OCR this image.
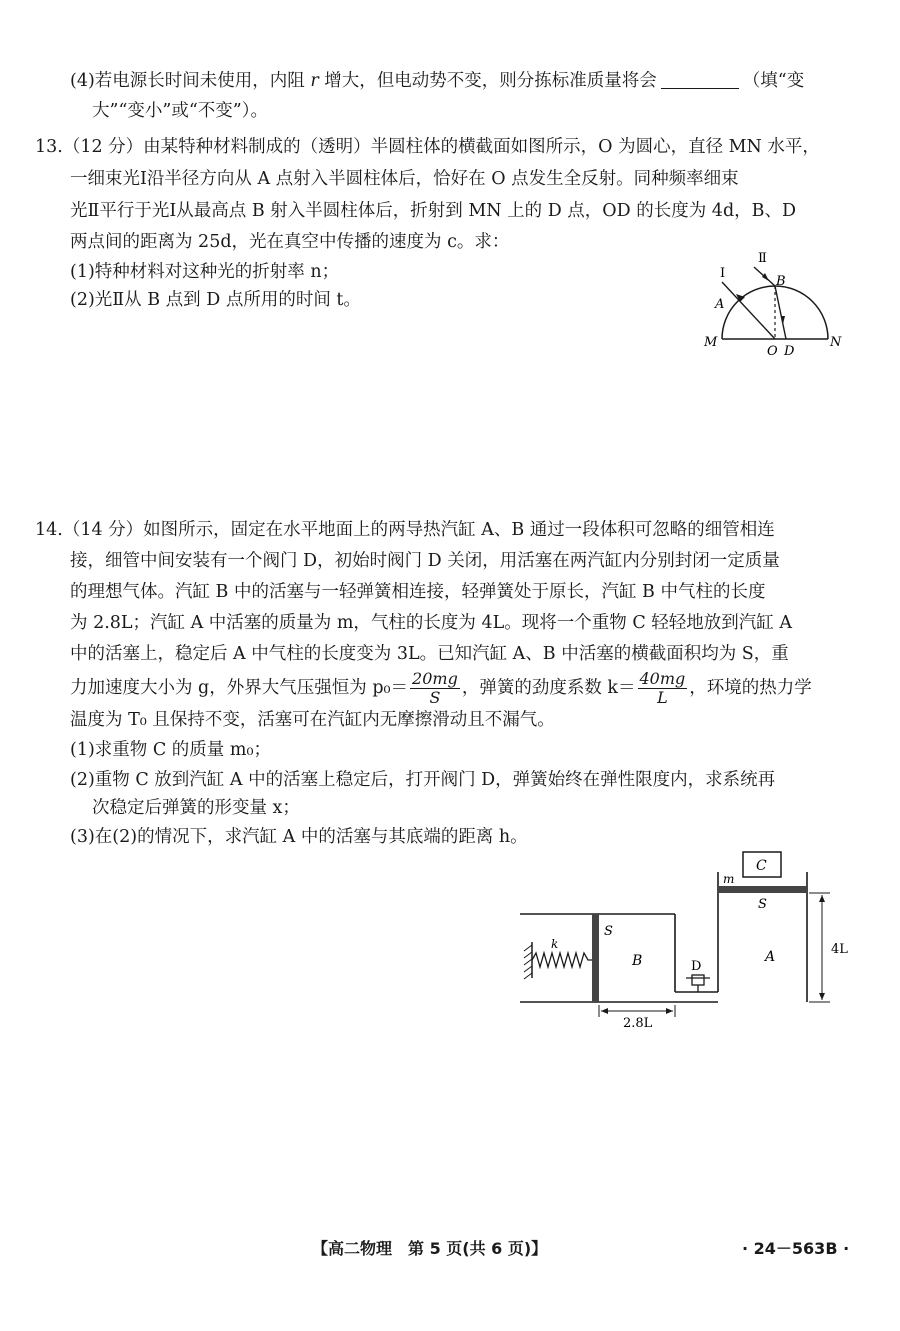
(4)若电源长时间未使用，内阻 r 增大，但电动势不变，则分拣标准质量将会	（填“变
大”“变小”或“不变”）。
13.（12 分）由某特种材料制成的（透明）半圆柱体的横截面如图所示，O 为圆心，直径 MN 水平，
一细束光Ⅰ沿半径方向从 A 点射入半圆柱体后，恰好在 O 点发生全反射。同种频率细束
光Ⅱ平行于光Ⅰ从最高点 B 射入半圆柱体后，折射到 MN 上的 D 点，OD 的长度为 4d，B、D
两点间的距离为 25d，光在真空中传播的速度为 c。求：
(1)特种材料对这种光的折射率 n；
(2)光Ⅱ从 B 点到 D 点所用的时间 t。
Ⅰ
Ⅱ
B
A
M
O D
N
14.（14 分）如图所示，固定在水平地面上的两导热汽缸 A、B 通过一段体积可忽略的细管相连
接，细管中间安装有一个阀门 D，初始时阀门 D 关闭，用活塞在两汽缸内分别封闭一定质量
的理想气体。汽缸 B 中的活塞与一轻弹簧相连接，轻弹簧处于原长，汽缸 B 中气柱的长度
为 2.8L；汽缸 A 中活塞的质量为 m，气柱的长度为 4L。现将一个重物 C 轻轻地放到汽缸 A
中的活塞上，稳定后 A 中气柱的长度变为 3L。已知汽缸 A、B 中活塞的横截面积均为 S，重
力加速度大小为 g，外界大气压强恒为 $p_0= \frac{20mg}{S}$ ，弹簧的劲度系数 $k= \frac{40mg}{L}$ ，环境的热力学
温度为 T₀ 且保持不变，活塞可在汽缸内无摩擦滑动且不漏气。
(1)求重物 C 的质量 m₀；
(2)重物 C 放到汽缸 A 中的活塞上稳定后，打开阀门 D，弹簧始终在弹性限度内，求系统再
次稳定后弹簧的形变量 x；
(3)在(2)的情况下，求汽缸 A 中的活塞与其底端的距离 h。
C
m
S
A	4L
S
B
k
D
2.8L
【高二物理　第 5 页(共 6 页)】	· 24－563B ·
